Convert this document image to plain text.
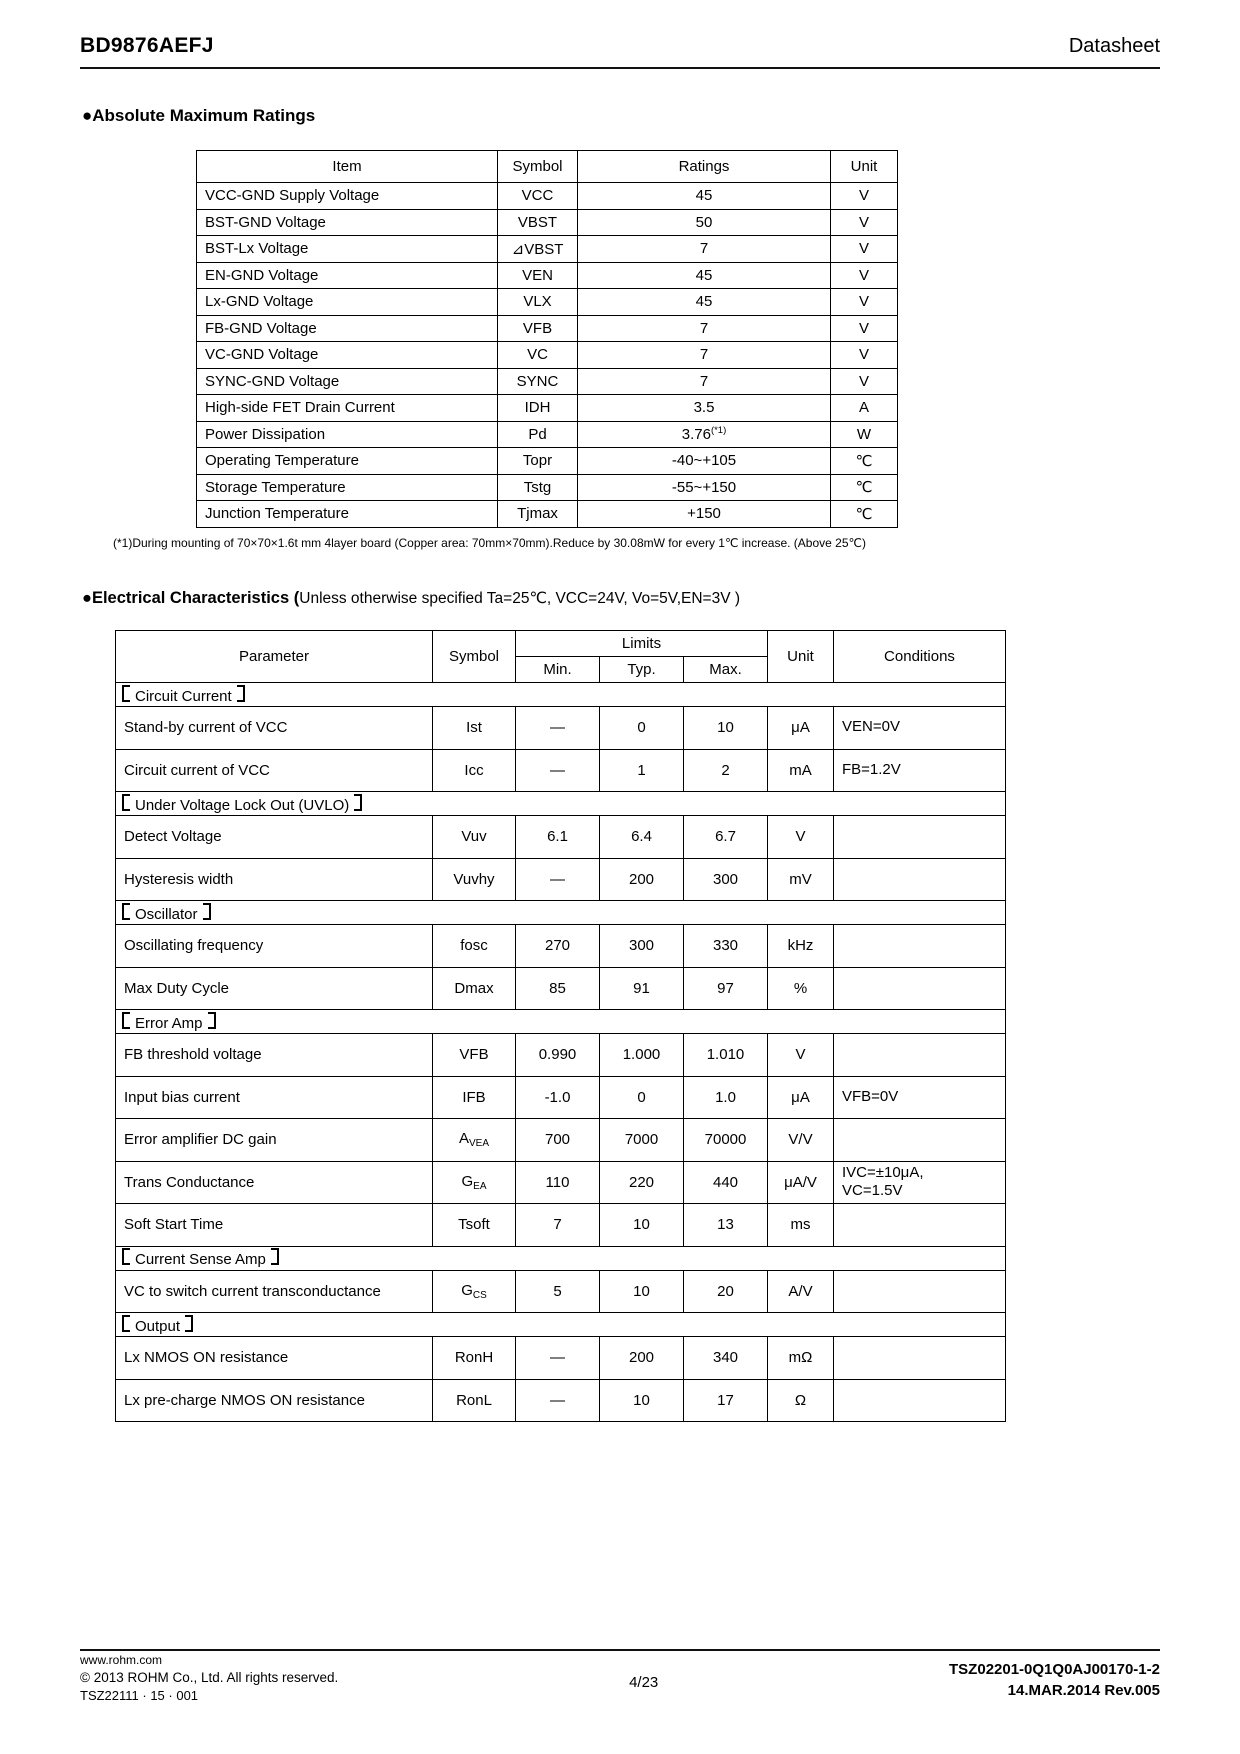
BD9876AEFJ	Datasheet
●Absolute Maximum Ratings
Item	Symbol	Ratings	Unit
VCC-GND Supply Voltage	VCC	45	V
BST-GND Voltage	VBST	50	V
BST-Lx Voltage	⊿VBST	7	V
EN-GND Voltage	VEN	45	V
Lx-GND Voltage	VLX	45	V
FB-GND Voltage	VFB	7	V
VC-GND Voltage	VC	7	V
SYNC-GND Voltage	SYNC	7	V
High-side FET Drain Current	IDH	3.5	A
Power Dissipation	Pd	3.76$^{(*1)}$	W
Operating Temperature	Topr	-40~+105	℃
Storage Temperature	Tstg	-55~+150	℃
Junction Temperature	Tjmax	+150	℃
(*1)During mounting of 70×70×1.6t mm 4layer board (Copper area: 70mm×70mm).Reduce by 30.08mW for every 1℃ increase. (Above 25℃)
●Electrical Characteristics (Unless otherwise specified Ta=25℃, VCC=24V, Vo=5V,EN=3V )
Parameter	Symbol	Limits			Unit	Conditions
		Min.	Typ.	Max.		
Circuit Current						
Stand-by current of VCC	Ist	—	0	10	μA	VEN=0V
Circuit current of VCC	Icc	—	1	2	mA	FB=1.2V
Under Voltage Lock Out (UVLO)						
Detect Voltage	Vuv	6.1	6.4	6.7	V	
Hysteresis width	Vuvhy	—	200	300	mV	
Oscillator						
Oscillating frequency	fosc	270	300	330	kHz	
Max Duty Cycle	Dmax	85	91	97	%	
Error Amp						
FB threshold voltage	VFB	0.990	1.000	1.010	V	
Input bias current	IFB	-1.0	0	1.0	μA	VFB=0V
Error amplifier DC gain	$A_{VEA}$	700	7000	70000	V/V	
Trans Conductance	$G_{EA}$	110	220	440	μA/V	IVC=±10μA,
VC=1.5V

Soft Start Time	Tsoft	7	10	13	ms	
Current Sense Amp						
VC to switch current transconductance	$G_{CS}$	5	10	20	A/V	
Output						
Lx NMOS ON resistance	RonH	—	200	340	mΩ	
Lx pre-charge NMOS ON resistance	RonL	—	10	17	Ω	
www.rohm.com
© 2013 ROHM Co., Ltd. All rights reserved.
TSZ22111 · 15 · 001
4/23
TSZ02201-0Q1Q0AJ00170-1-2
14.MAR.2014 Rev.005
